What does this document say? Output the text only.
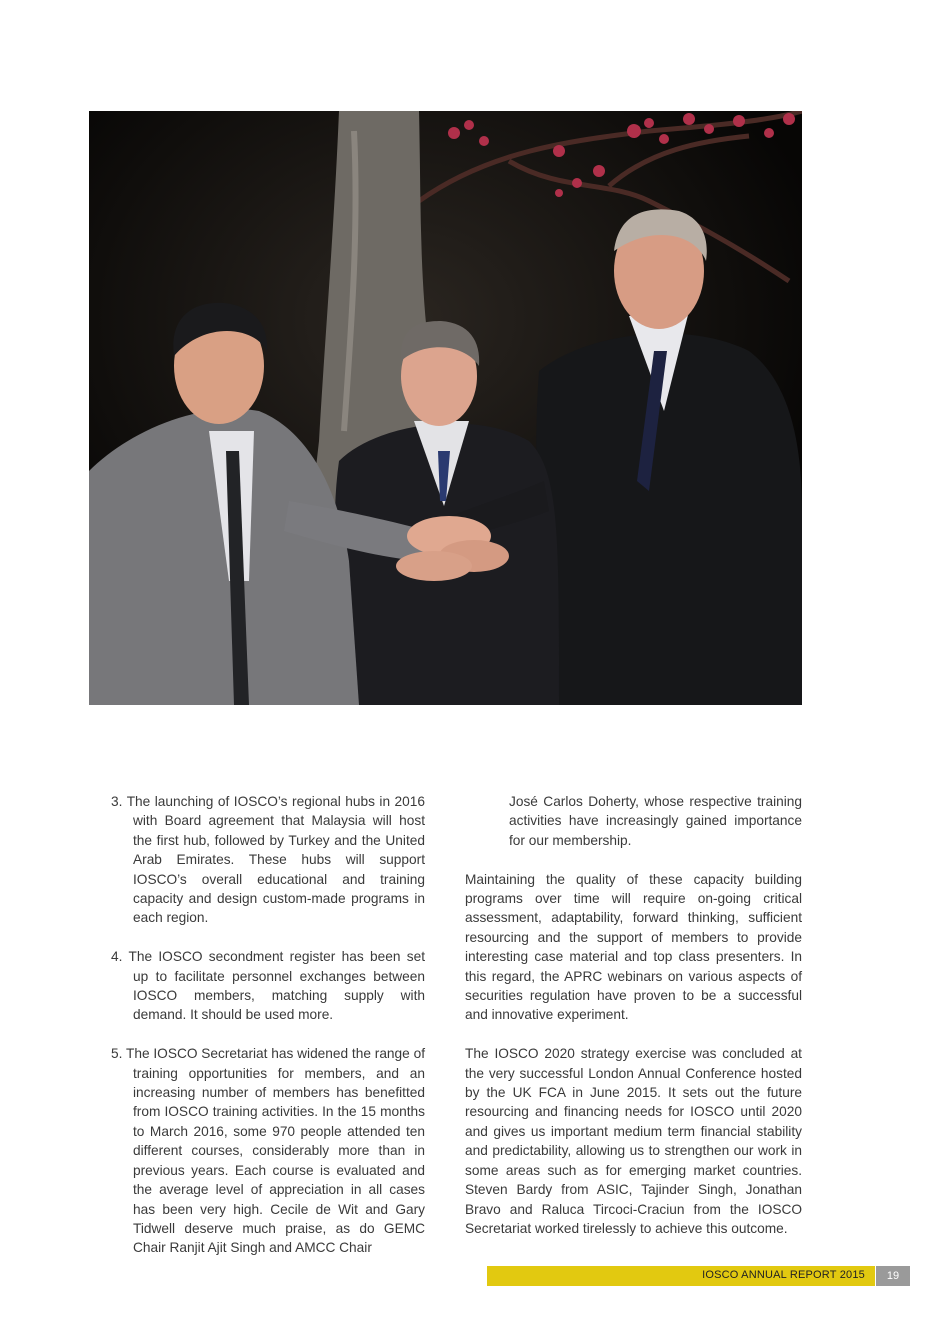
3. The launching of IOSCO’s regional hubs in 2016 with Board agreement that Malaysia will host the first hub, followed by Turkey and the United Arab Emirates. These hubs will support IOSCO’s overall educational and training capacity and design custom-made programs in each region.

4. The IOSCO secondment register has been set up to facilitate personnel exchanges between IOSCO members, matching supply with demand. It should be used more.

5. The IOSCO Secretariat has widened the range of training opportunities for members, and an increasing number of members has benefitted from IOSCO training activities. In the 15 months to March 2016, some 970 people attended ten different courses, considerably more than in previous years. Each course is evaluated and the average level of appreciation in all cases has been very high. Cecile de Wit and Gary Tidwell deserve much praise, as do GEMC Chair Ranjit Ajit Singh and AMCC Chair

José Carlos Doherty, whose respective training activities have increasingly gained importance for our membership.

Maintaining the quality of these capacity building programs over time will require on-going critical assessment, adaptability, forward thinking, sufficient resourcing and the support of members to provide interesting case material and top class presenters. In this regard, the APRC webinars on various aspects of securities regulation have proven to be a successful and innovative experiment.

The IOSCO 2020 strategy exercise was concluded at the very successful London Annual Conference hosted by the UK FCA in June 2015. It sets out the future resourcing and financing needs for IOSCO until 2020 and gives us important medium term financial stability and predictability, allowing us to strengthen our work in some areas such as for emerging market countries. Steven Bardy from ASIC, Tajinder Singh, Jonathan Bravo and Raluca Tircoci-Craciun from the IOSCO Secretariat worked tirelessly to achieve this outcome.

IOSCO ANNUAL REPORT 2015	19
